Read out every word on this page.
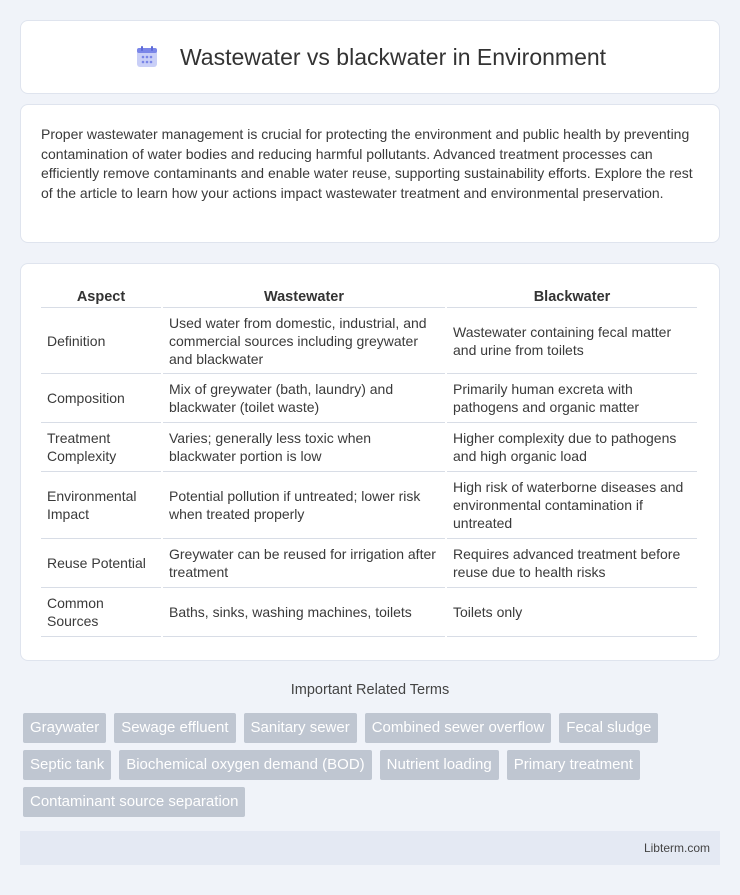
Wastewater vs blackwater in Environment

Proper wastewater management is crucial for protecting the environment and public health by preventing contamination of water bodies and reducing harmful pollutants. Advanced treatment processes can efficiently remove contaminants and enable water reuse, supporting sustainability efforts. Explore the rest of the article to learn how your actions impact wastewater treatment and environmental preservation.

Aspect	Wastewater	Blackwater
Definition	Used water from domestic, industrial, and commercial sources including greywater and blackwater	Wastewater containing fecal matter and urine from toilets
Composition	Mix of greywater (bath, laundry) and blackwater (toilet waste)	Primarily human excreta with pathogens and organic matter
Treatment Complexity	Varies; generally less toxic when blackwater portion is low	Higher complexity due to pathogens and high organic load
Environmental Impact	Potential pollution if untreated; lower risk when treated properly	High risk of waterborne diseases and environmental contamination if untreated
Reuse Potential	Greywater can be reused for irrigation after treatment	Requires advanced treatment before reuse due to health risks
Common Sources	Baths, sinks, washing machines, toilets	Toilets only
Important Related Terms
Graywater	Sewage effluent	Sanitary sewer	Combined sewer overflow	Fecal sludge
Septic tank	Biochemical oxygen demand (BOD)	Nutrient loading	Primary treatment
Contaminant source separation
Libterm.com
